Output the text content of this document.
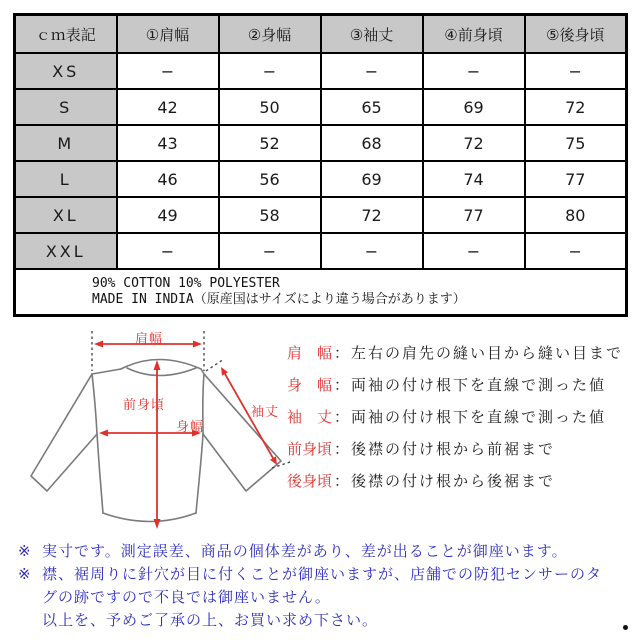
ｃｍ表記	①肩幅	②身幅	③袖丈	④前身頃	⑤後身頃
XS	−	−	−	−	−
S	42	50	65	69	72
M	43	52	68	72	75
L	46	56	69	74	77
XL	49	58	72	77	80
XXL	−	−	−	−	−

90% COTTON 10% POLYESTER
MADE IN INDIA（原産国はサイズにより違う場合があります）					
肩幅
前身頃
身幅
袖丈
肩　幅 ： 左右の肩先の縫い目から縫い目まで
身　幅 ： 両袖の付け根下を直線で測った値
袖　丈 ： 両袖の付け根下を直線で測った値
前身頃 ： 後襟の付け根から前裾まで
後身頃 ： 後襟の付け根から後裾まで
※ 実寸です。測定誤差、商品の個体差があり、差が出ることが御座います。
※ 襟、裾周りに針穴が目に付くことが御座いますが、店舗での防犯センサーのタ
グの跡ですので不良では御座いません。
以上を、予めご了承の上、お買い求め下さい。
